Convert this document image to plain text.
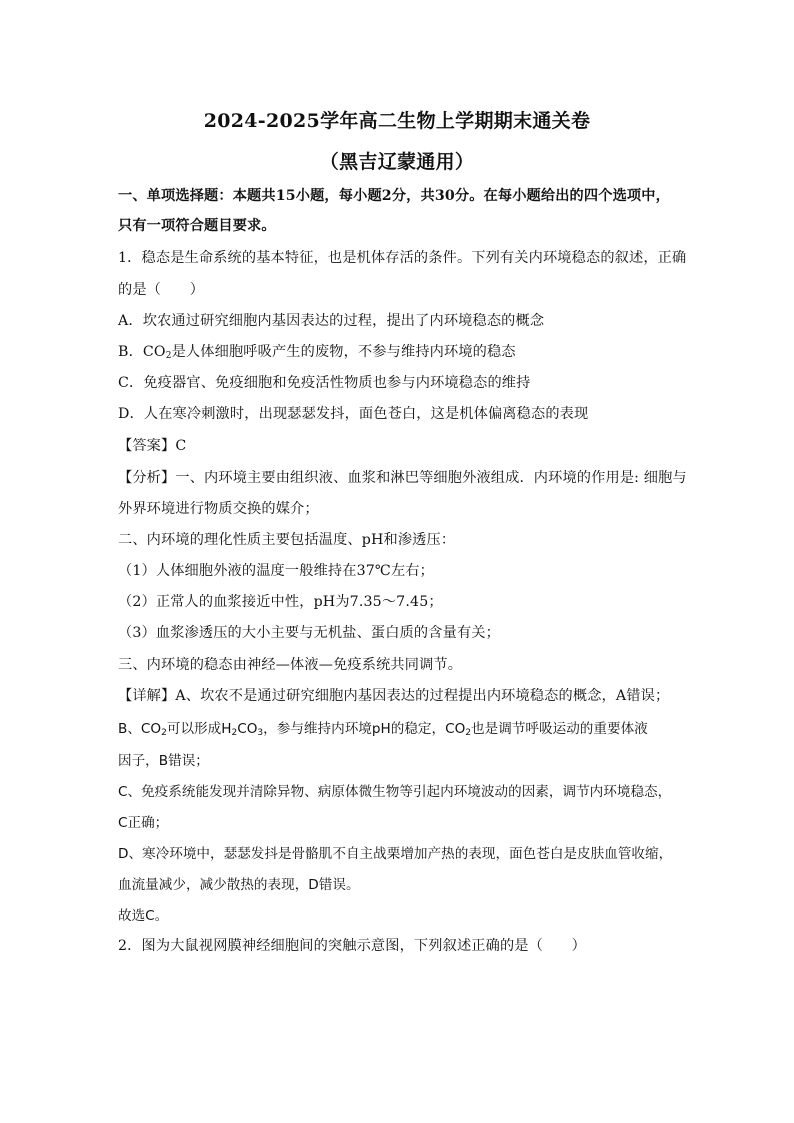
2024-2025学年高二生物上学期期末通关卷
（黑吉辽蒙通用）
一、单项选择题：本题共15小题，每小题2分，共30分。在每小题给出的四个选项中，
只有一项符合题目要求。
1．稳态是生命系统的基本特征，也是机体存活的条件。下列有关内环境稳态的叙述，正确
的是（　　）
A．坎农通过研究细胞内基因表达的过程，提出了内环境稳态的概念
B．$CO_2$是人体细胞呼吸产生的废物，不参与维持内环境的稳态
C．免疫器官、免疫细胞和免疫活性物质也参与内环境稳态的维持
D．人在寒冷刺激时，出现瑟瑟发抖，面色苍白，这是机体偏离稳态的表现
【答案】C
【分析】一、内环境主要由组织液、血浆和淋巴等细胞外液组成．内环境的作用是: 细胞与
外界环境进行物质交换的媒介；
二、内环境的理化性质主要包括温度、pH和渗透压：
（1）人体细胞外液的温度一般维持在37℃左右；
（2）正常人的血浆接近中性，pH为7.35～7.45；
（3）血浆渗透压的大小主要与无机盐、蛋白质的含量有关；
三、内环境的稳态由神经—体液—免疫系统共同调节。
【详解】A、坎农不是通过研究细胞内基因表达的过程提出内环境稳态的概念，A错误；
B、$CO_2$可以形成$H_2CO_3$，参与维持内环境pH的稳定，$CO_2$也是调节呼吸运动的重要体液
因子，B错误；
C、免疫系统能发现并清除异物、病原体微生物等引起内环境波动的因素，调节内环境稳态，
C正确；
D、寒冷环境中，瑟瑟发抖是骨骼肌不自主战栗增加产热的表现，面色苍白是皮肤血管收缩，
血流量减少，减少散热的表现，D错误。
故选C。
2．图为大鼠视网膜神经细胞间的突触示意图，下列叙述正确的是（　　）
